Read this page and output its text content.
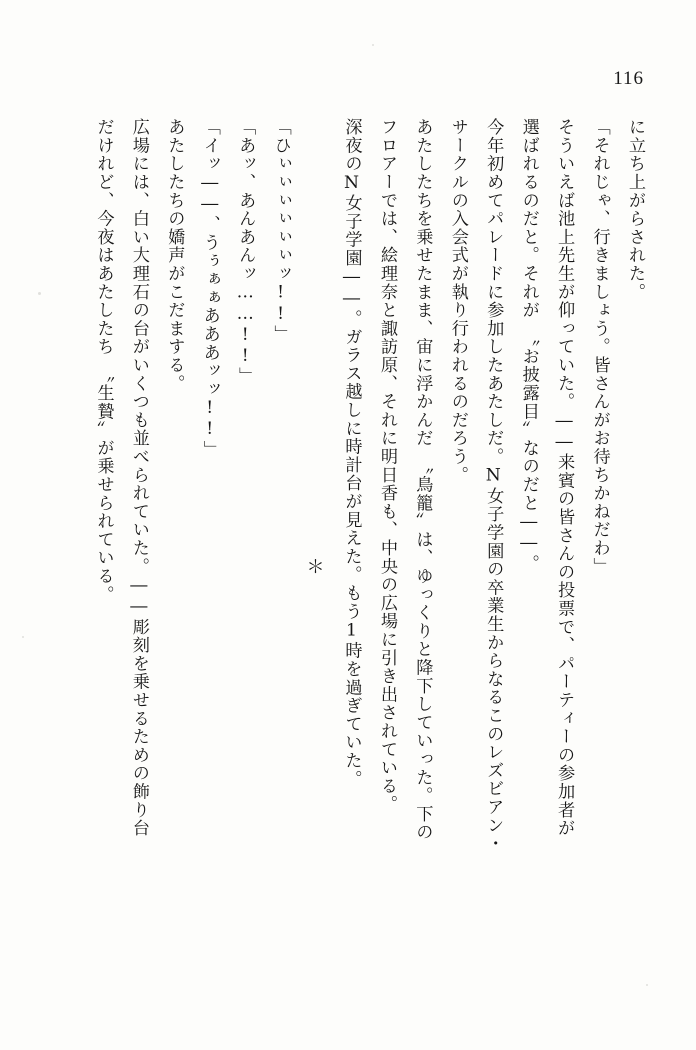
116

に立ち上がらされた。

「それじゃ、行きましょう。皆さんがお待ちかねだわ」

そういえば池上先生が仰っていた。――来賓の皆さんの投票で、パーティーの参加者が

選ばれるのだと。それが　〝お披露目〟なのだと――。

今年初めてパレードに参加したあたしだ。N女子学園の卒業生からなるこのレズビアン・

サークルの入会式が執り行われるのだろう。

あたしたちを乗せたまま、宙に浮かんだ　〝鳥籠〟は、ゆっくりと降下していった。下の

フロアーでは、絵理奈と諏訪原、それに明日香も、中央の広場に引き出されている。

深夜のN女子学園――。ガラス越しに時計台が見えた。もう1時を過ぎていた。

＊

「ひぃぃぃぃぃぃッ!!」

「あッ、あんあんッ……!!」

「イッ――、うぅぁぁあああッッ!!」

あたしたちの嬌声がこだまする。

広場には、白い大理石の台がいくつも並べられていた。――彫刻を乗せるための飾り台

だけれど、今夜はあたしたち　〝生贄〟が乗せられている。
